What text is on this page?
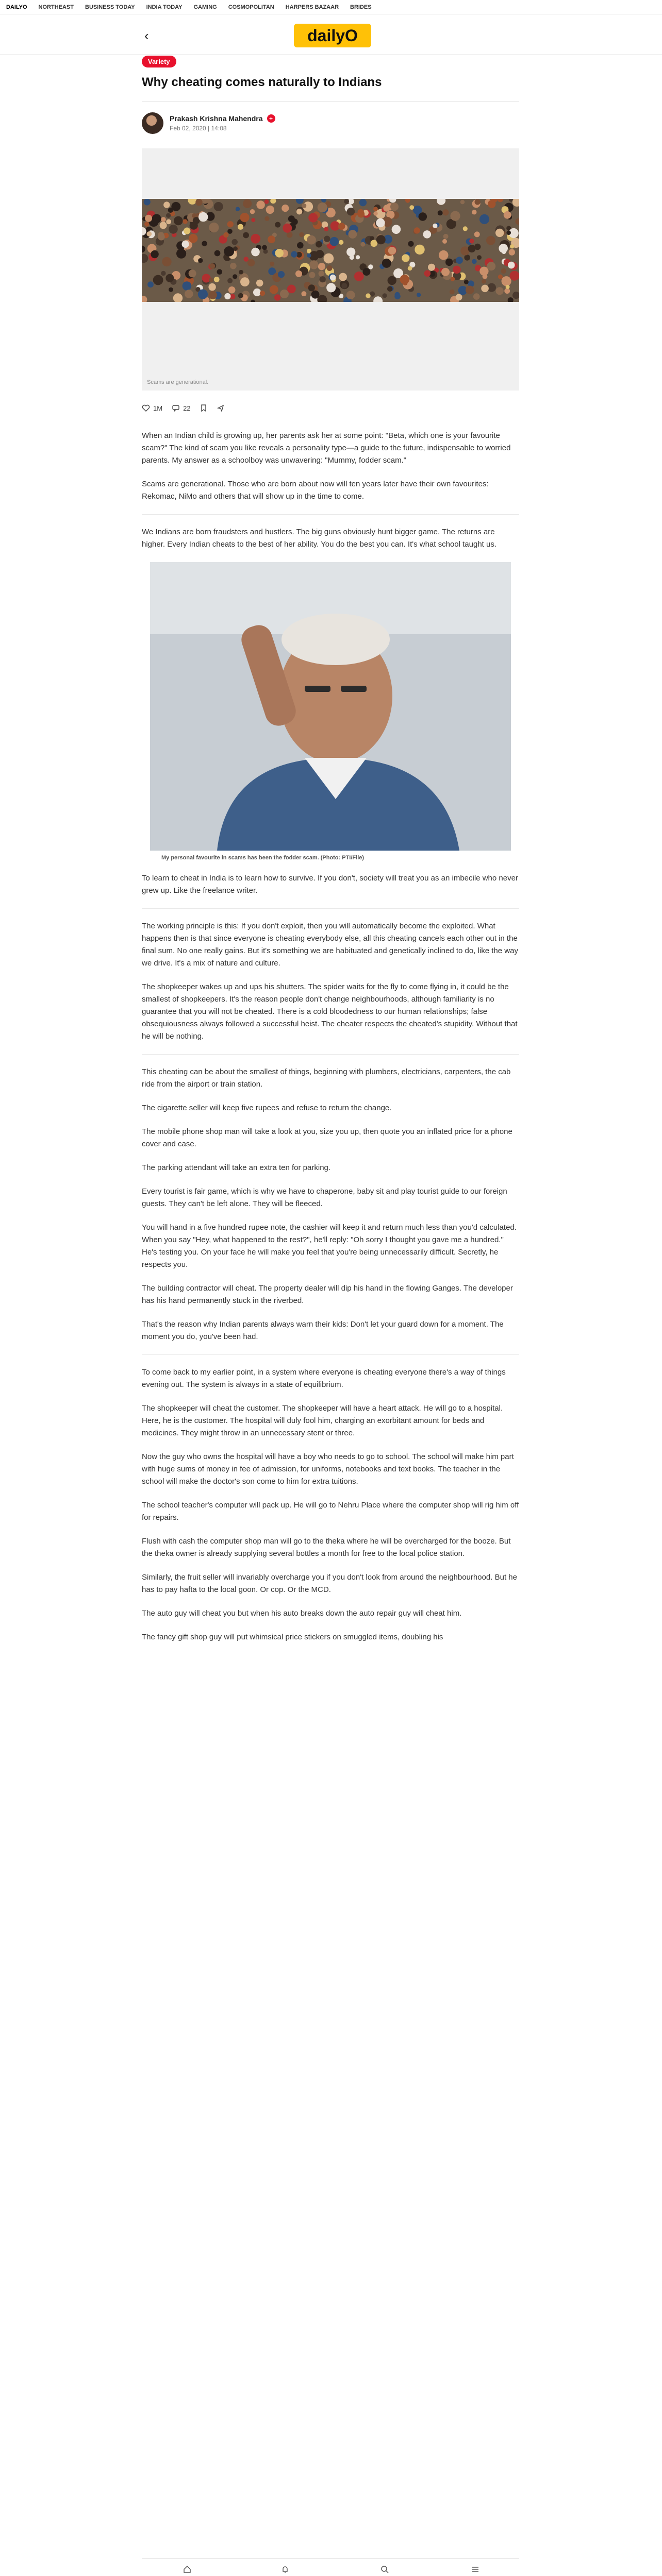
DAILYO NORTHEAST BUSINESS TODAY INDIA TODAY GAMING COSMOPOLITAN HARPERS BAZAAR BRIDES
‹	dailyO
Variety
Why cheating comes naturally to Indians
Prakash Krishna Mahendra	+
Feb 02, 2020 | 14:08
Scams are generational.
1M	22

When an Indian child is growing up, her parents ask her at some point: "Beta, which one is your favourite scam?" The kind of scam you like reveals a personality type—a guide to the future, indispensable to worried parents. My answer as a schoolboy was unwavering: "Mummy, fodder scam."

Scams are generational. Those who are born about now will ten years later have their own favourites: Rekomac, NiMo and others that will show up in the time to come.

We Indians are born fraudsters and hustlers. The big guns obviously hunt bigger game. The returns are higher. Every Indian cheats to the best of her ability. You do the best you can. It's what school taught us.

My personal favourite in scams has been the fodder scam. (Photo: PTI/File)

To learn to cheat in India is to learn how to survive. If you don't, society will treat you as an imbecile who never grew up. Like the freelance writer.

The working principle is this: If you don't exploit, then you will automatically become the exploited. What happens then is that since everyone is cheating everybody else, all this cheating cancels each other out in the final sum. No one really gains. But it's something we are habituated and genetically inclined to do, like the way we drive. It's a mix of nature and culture.

The shopkeeper wakes up and ups his shutters. The spider waits for the fly to come flying in, it could be the smallest of shopkeepers. It's the reason people don't change neighbourhoods, although familiarity is no guarantee that you will not be cheated. There is a cold bloodedness to our human relationships; false obsequiousness always followed a successful heist. The cheater respects the cheated's stupidity. Without that he will be nothing.

This cheating can be about the smallest of things, beginning with plumbers, electricians, carpenters, the cab ride from the airport or train station.

The cigarette seller will keep five rupees and refuse to return the change.

The mobile phone shop man will take a look at you, size you up, then quote you an inflated price for a phone cover and case.

The parking attendant will take an extra ten for parking.

Every tourist is fair game, which is why we have to chaperone, baby sit and play tourist guide to our foreign guests. They can't be left alone. They will be fleeced.

You will hand in a five hundred rupee note, the cashier will keep it and return much less than you'd calculated. When you say "Hey, what happened to the rest?", he'll reply: "Oh sorry I thought you gave me a hundred." He's testing you. On your face he will make you feel that you're being unnecessarily difficult. Secretly, he respects you.

The building contractor will cheat. The property dealer will dip his hand in the flowing Ganges. The developer has his hand permanently stuck in the riverbed.

That's the reason why Indian parents always warn their kids: Don't let your guard down for a moment. The moment you do, you've been had.

To come back to my earlier point, in a system where everyone is cheating everyone there's a way of things evening out. The system is always in a state of equilibrium.

The shopkeeper will cheat the customer. The shopkeeper will have a heart attack. He will go to a hospital. Here, he is the customer. The hospital will duly fool him, charging an exorbitant amount for beds and medicines. They might throw in an unnecessary stent or three.

Now the guy who owns the hospital will have a boy who needs to go to school. The school will make him part with huge sums of money in fee of admission, for uniforms, notebooks and text books. The teacher in the school will make the doctor's son come to him for extra tuitions.

The school teacher's computer will pack up. He will go to Nehru Place where the computer shop will rig him off for repairs.

Flush with cash the computer shop man will go to the theka where he will be overcharged for the booze. But the theka owner is already supplying several bottles a month for free to the local police station.

Similarly, the fruit seller will invariably overcharge you if you don't look from around the neighbourhood. But he has to pay hafta to the local goon. Or cop. Or the MCD.

The auto guy will cheat you but when his auto breaks down the auto repair guy will cheat him.

The fancy gift shop guy will put whimsical price stickers on smuggled items, doubling his
